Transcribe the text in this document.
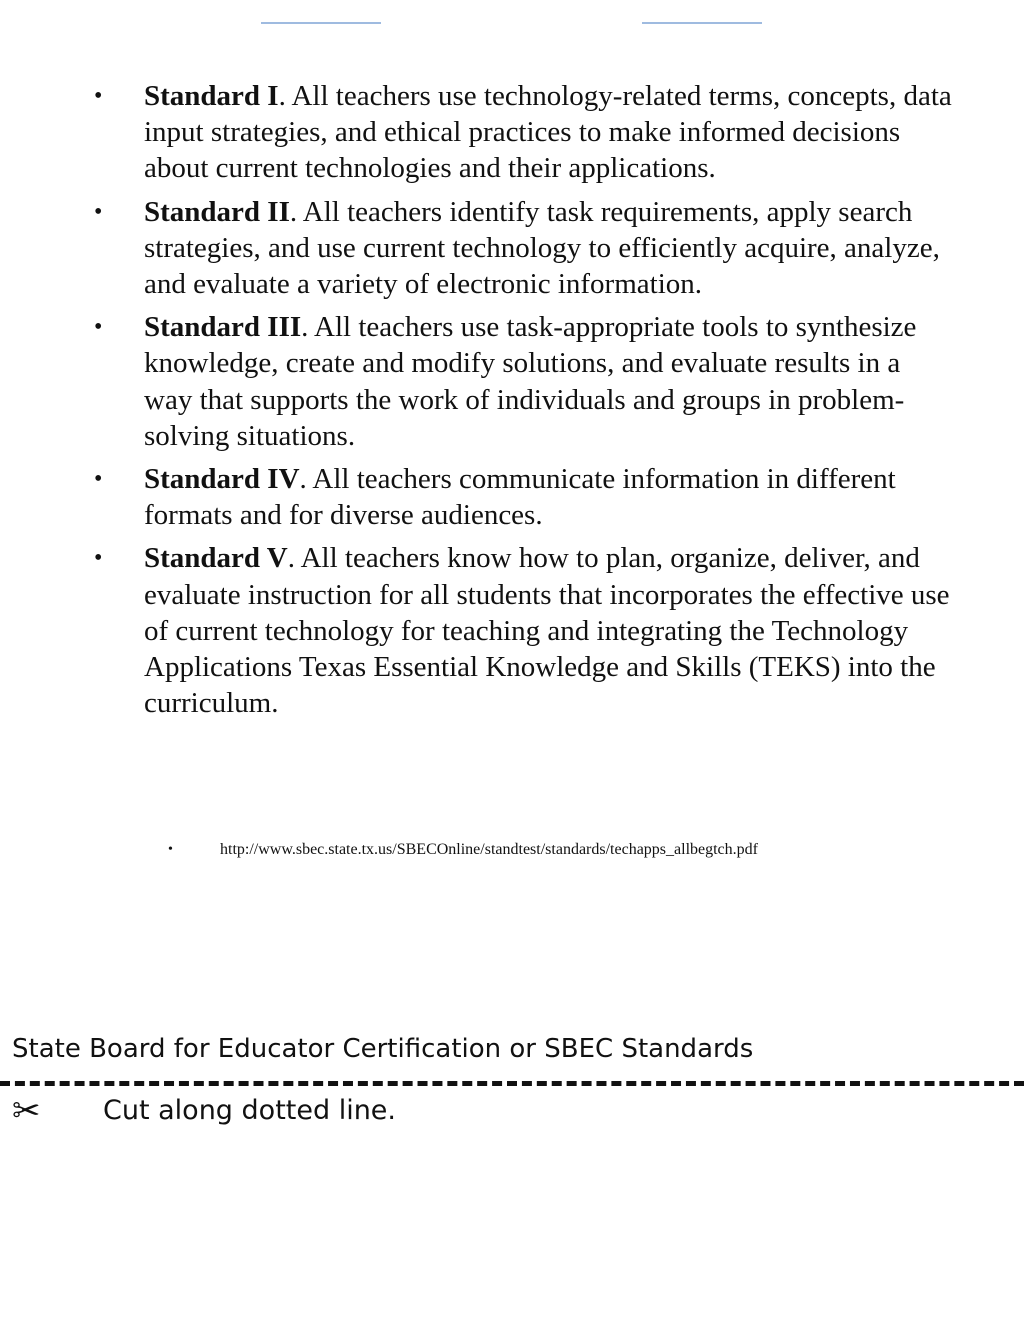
• Standard I. All teachers use technology-related terms, concepts, data input strategies, and ethical practices to make informed decisions about current technologies and their applications.
• Standard II. All teachers identify task requirements, apply search strategies, and use current technology to efficiently acquire, analyze, and evaluate a variety of electronic information.
• Standard III. All teachers use task-appropriate tools to synthesize knowledge, create and modify solutions, and evaluate results in a way that supports the work of individuals and groups in problem-solving situations.
• Standard IV. All teachers communicate information in different formats and for diverse audiences.
• Standard V. All teachers know how to plan, organize, deliver, and evaluate instruction for all students that incorporates the effective use of current technology for teaching and integrating the Technology Applications Texas Essential Knowledge and Skills (TEKS) into the curriculum.
•	http://www.sbec.state.tx.us/SBECOnline/standtest/standards/techapps_allbegtch.pdf
State Board for Educator Certification or SBEC Standards
✂ Cut along dotted line.
